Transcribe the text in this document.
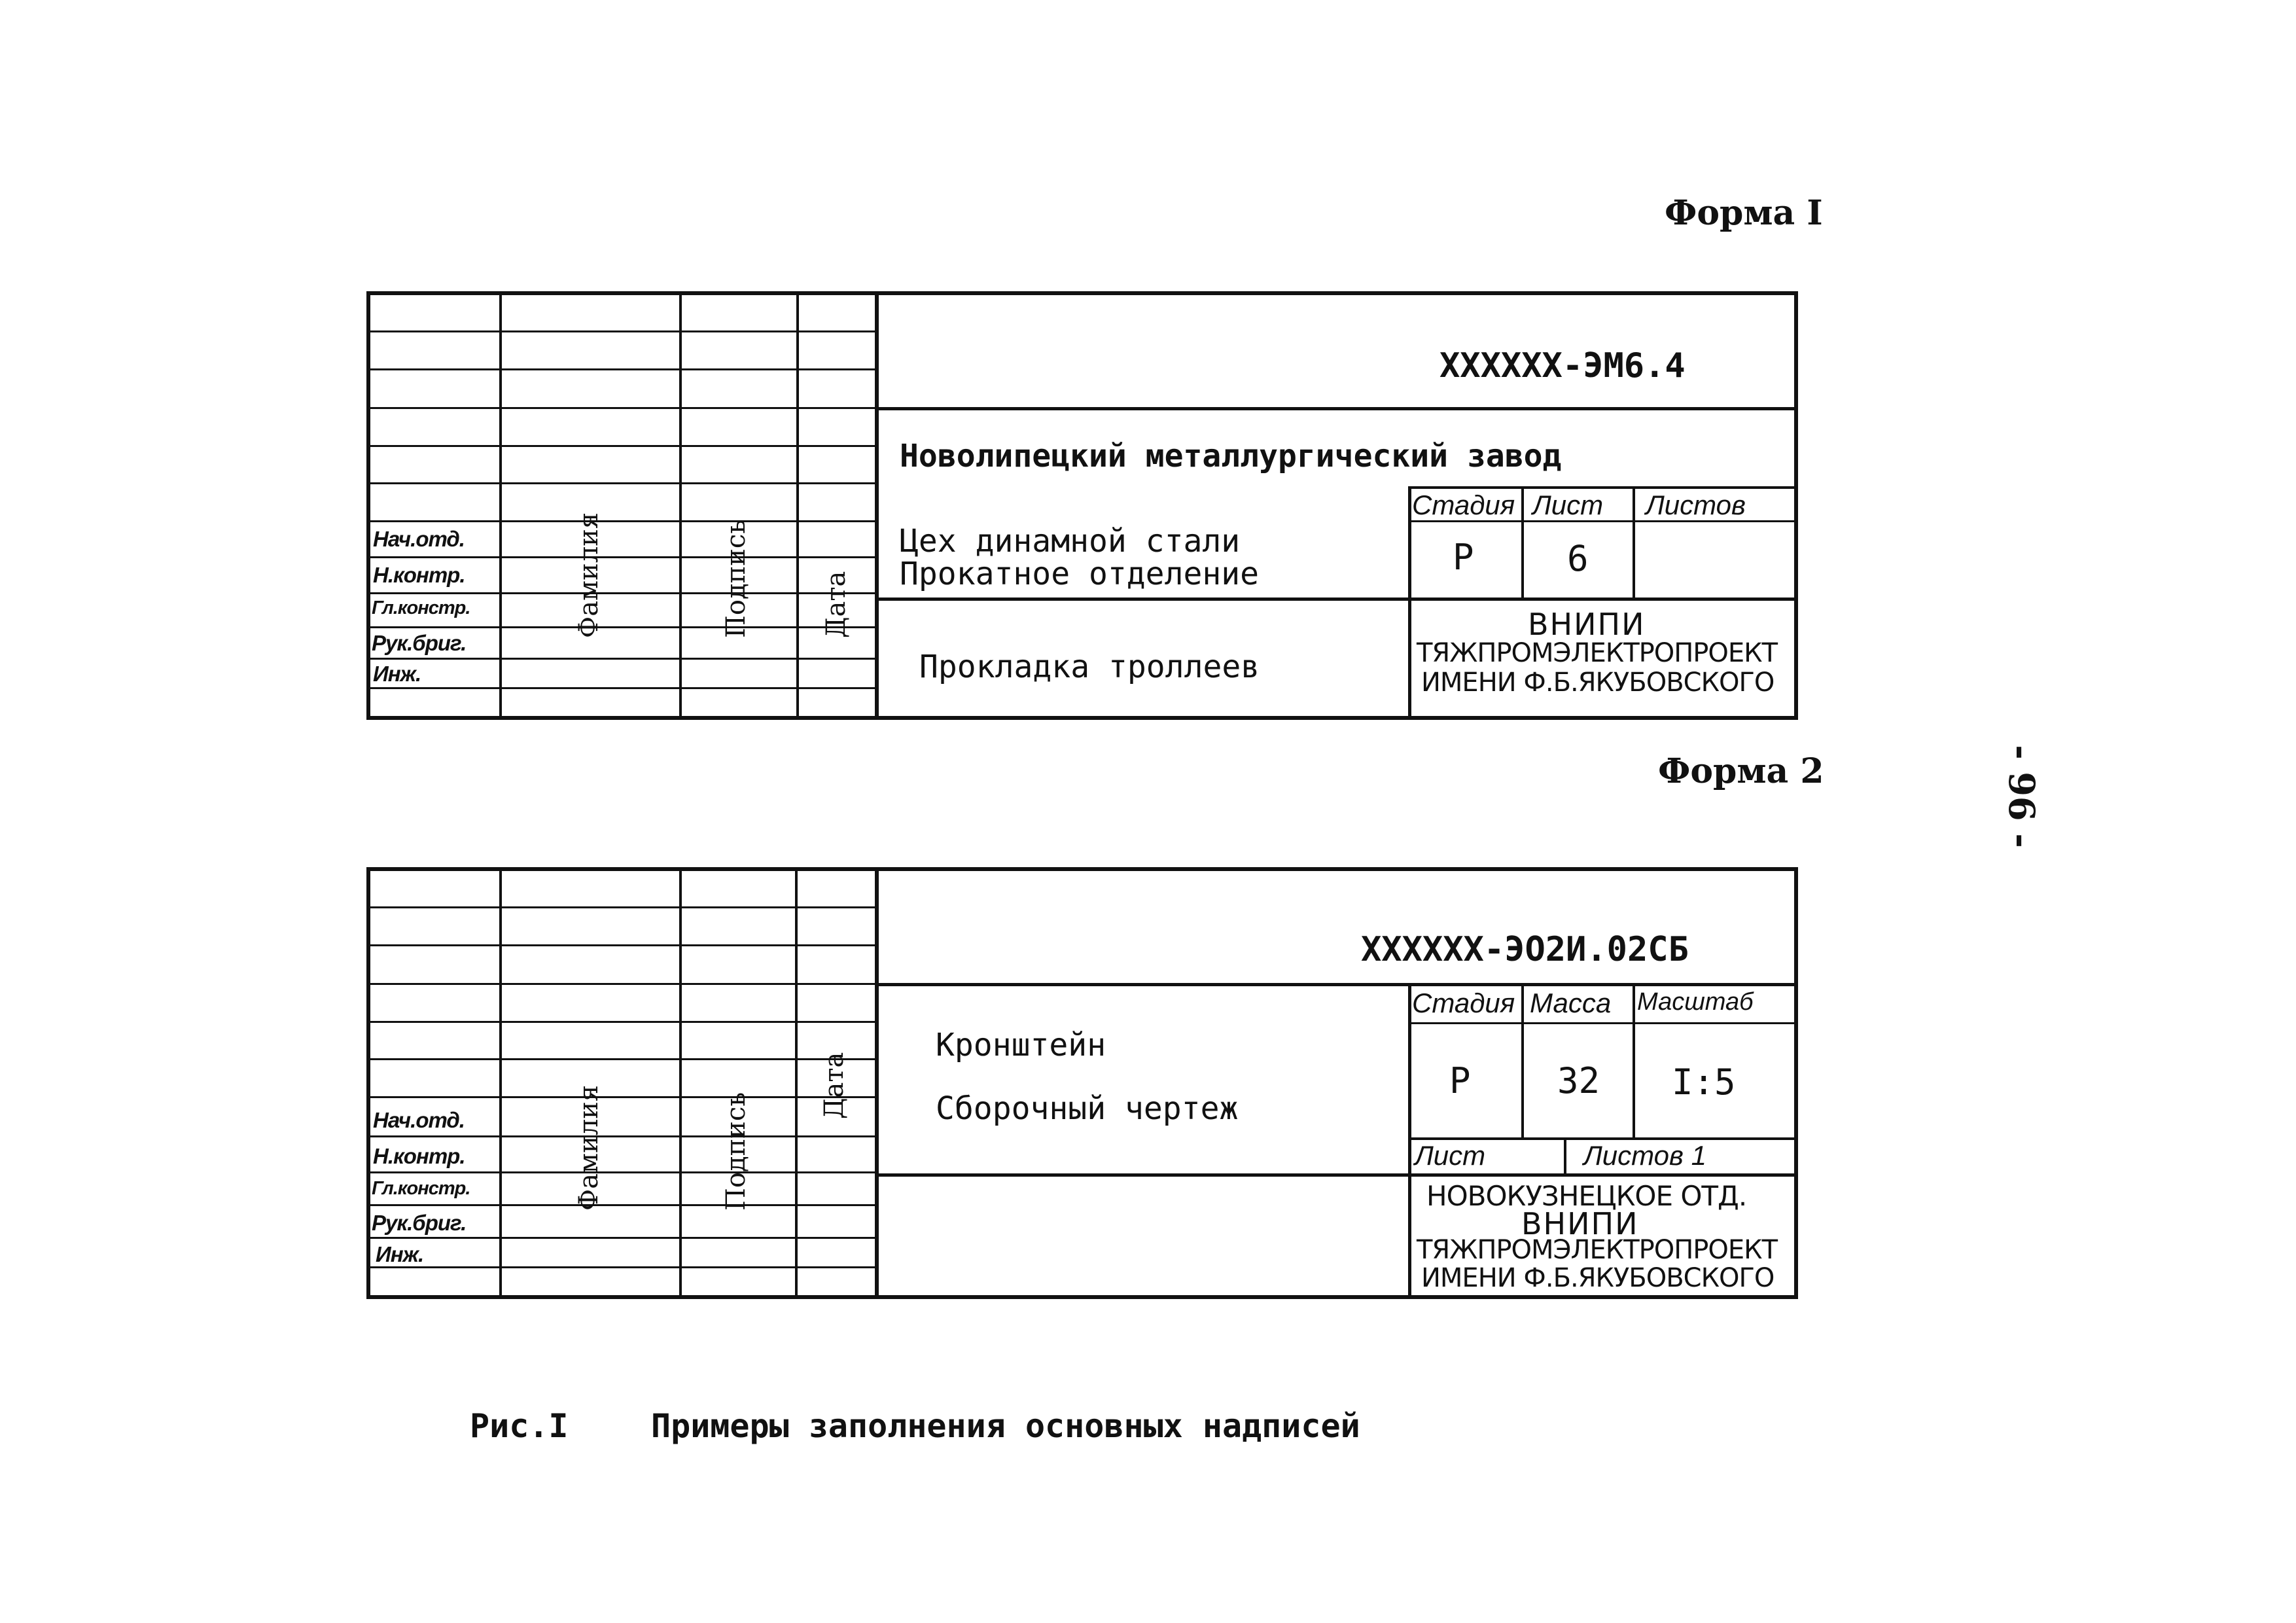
Форма I
Форма 2	- 96 -
Нач.отд.
Н.контр.
Гл.констр.
Рук.бриг.
Инж.
Фамилия	Подпись	Дата
XXXXXX-ЭМ6.4
Новолипецкий металлургический завод
Цех динамной стали
Прокатное отделение
Прокладка троллеев
Стадия Лист Листов
Р	6
ВНИПИ
ТЯЖПРОМЭЛЕКТРОПРОЕКТ
ИМЕНИ Ф.Б.ЯКУБОВСКОГО
Нач.отд.
Н.контр.
Гл.констр.
Рук.бриг.
Инж.
Фамилия	Подпись
Дата
XXXXXX-ЭО2И.02СБ
Кронштейн
Сборочный чертеж
Стадия Масса Масштаб
Р 32 I:5
Лист	Листов 1
НОВОКУЗНЕЦКОЕ ОТД.
ВНИПИ
ТЯЖПРОМЭЛЕКТРОПРОЕКТ
ИМЕНИ Ф.Б.ЯКУБОВСКОГО
Рис.I	Примеры заполнения основных надписей
